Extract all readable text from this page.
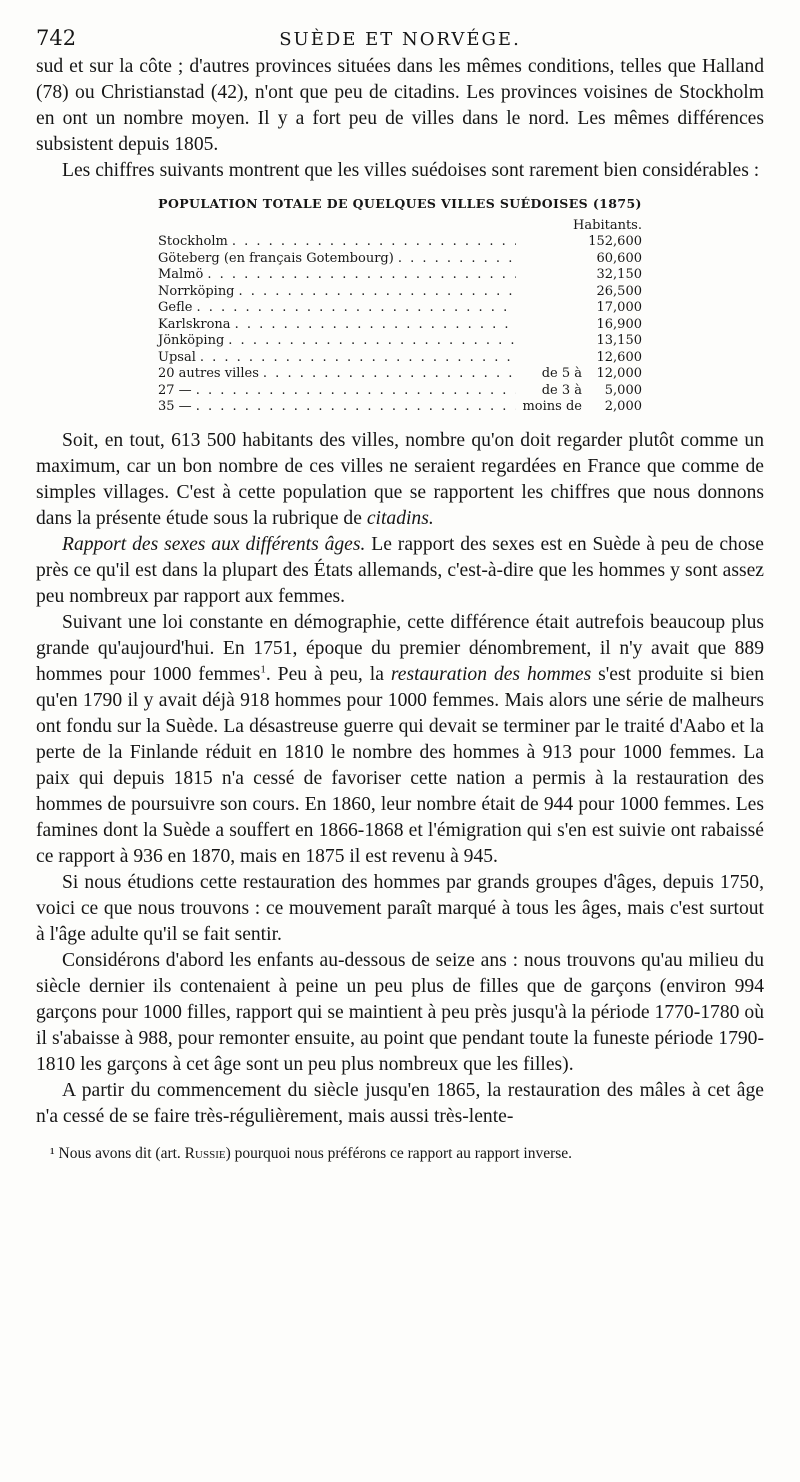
742	SUÈDE ET NORVÉGE.

sud et sur la côte ; d'autres provinces situées dans les mêmes conditions, telles que Halland (78) ou Christianstad (42), n'ont que peu de citadins. Les provinces voisines de Stockholm en ont un nombre moyen. Il y a fort peu de villes dans le nord. Les mêmes différences subsistent depuis 1805.

Les chiffres suivants montrent que les villes suédoises sont rarement bien considérables :

POPULATION TOTALE DE QUELQUES VILLES SUÉDOISES (1875)
Habitants.
Stockholm . . .	152,600
Göteberg (en français Gotembourg) . . .	60,600
Malmö . . .	32,150
Norrköping . . .	26,500
Gefle . . .	17,000
Karlskrona . . .	16,900
Jönköping . . .	13,150
Upsal . . .	12,600
20 autres villes . . .	de 5 à	12,000
27 — . . .	de 3 à	5,000
35 — . . .	moins de	2,000

Soit, en tout, 613 500 habitants des villes, nombre qu'on doit regarder plutôt comme un maximum, car un bon nombre de ces villes ne seraient regardées en France que comme de simples villages. C'est à cette population que se rapportent les chiffres que nous donnons dans la présente étude sous la rubrique de citadins.

Rapport des sexes aux différents âges. Le rapport des sexes est en Suède à peu de chose près ce qu'il est dans la plupart des États allemands, c'est-à-dire que les hommes y sont assez peu nombreux par rapport aux femmes.

Suivant une loi constante en démographie, cette différence était autrefois beaucoup plus grande qu'aujourd'hui. En 1751, époque du premier dénombrement, il n'y avait que 889 hommes pour 1000 femmes$^1$. Peu à peu, la restauration des hommes s'est produite si bien qu'en 1790 il y avait déjà 918 hommes pour 1000 femmes. Mais alors une série de malheurs ont fondu sur la Suède. La désastreuse guerre qui devait se terminer par le traité d'Aabo et la perte de la Finlande réduit en 1810 le nombre des hommes à 913 pour 1000 femmes. La paix qui depuis 1815 n'a cessé de favoriser cette nation a permis à la restauration des hommes de poursuivre son cours. En 1860, leur nombre était de 944 pour 1000 femmes. Les famines dont la Suède a souffert en 1866-1868 et l'émigration qui s'en est suivie ont rabaissé ce rapport à 936 en 1870, mais en 1875 il est revenu à 945.

Si nous étudions cette restauration des hommes par grands groupes d'âges, depuis 1750, voici ce que nous trouvons : ce mouvement paraît marqué à tous les âges, mais c'est surtout à l'âge adulte qu'il se fait sentir.

Considérons d'abord les enfants au-dessous de seize ans : nous trouvons qu'au milieu du siècle dernier ils contenaient à peine un peu plus de filles que de garçons (environ 994 garçons pour 1000 filles, rapport qui se maintient à peu près jusqu'à la période 1770-1780 où il s'abaisse à 988, pour remonter ensuite, au point que pendant toute la funeste période 1790-1810 les garçons à cet âge sont un peu plus nombreux que les filles).

A partir du commencement du siècle jusqu'en 1865, la restauration des mâles à cet âge n'a cessé de se faire très-régulièrement, mais aussi très-lente-

¹ Nous avons dit (art. Russie) pourquoi nous préférons ce rapport au rapport inverse.
